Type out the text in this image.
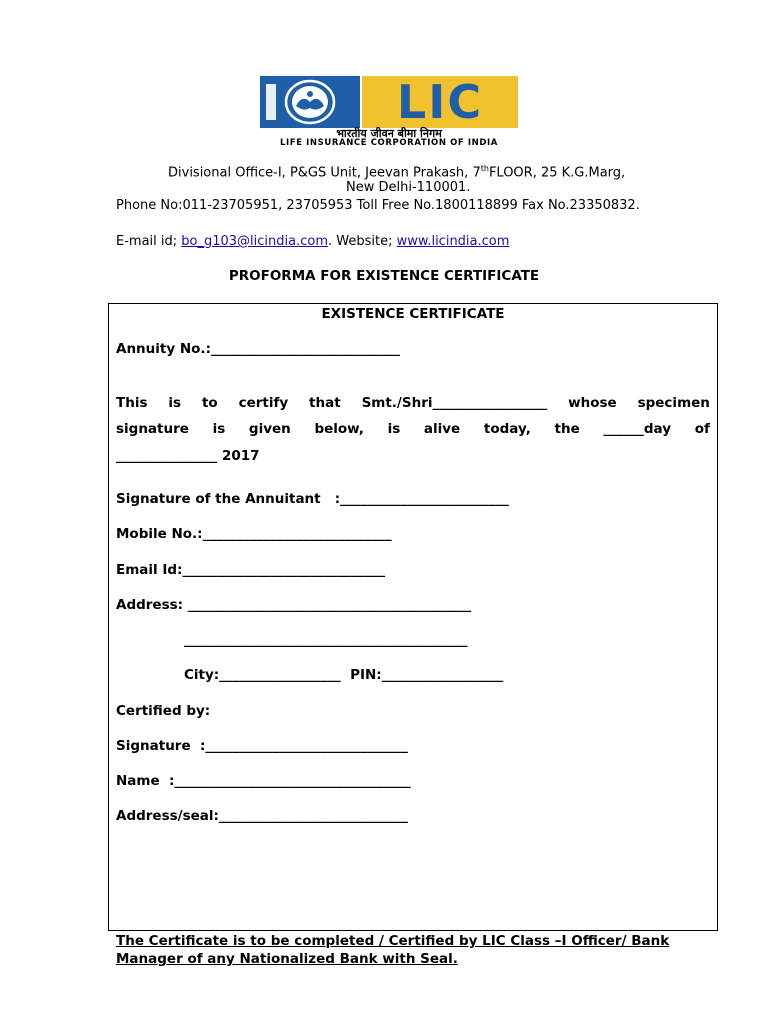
LIC
भारतीय जीवन बीमा निगम
LIFE INSURANCE CORPORATION OF INDIA
Divisional Office-I, P&GS Unit, Jeevan Prakash, 7thFLOOR, 25 K.G.Marg,
New Delhi-110001.
Phone No:011-23705951, 23705953 Toll Free No.1800118899 Fax No.23350832.
E-mail id; bo_g103@licindia.com. Website; www.licindia.com
PROFORMA FOR EXISTENCE CERTIFICATE
EXISTENCE CERTIFICATE
Annuity No.:____________________________
This is to certify that Smt./Shri_________________ whose specimen
signature is given below, is alive today, the ______day of
_______________ 2017
Signature of the Annuitant   :_________________________
Mobile No.:____________________________
Email Id:______________________________
Address: __________________________________________
__________________________________________
City:__________________  PIN:__________________
Certified by:
Signature  :______________________________
Name  :___________________________________
Address/seal:____________________________
The Certificate is to be completed / Certified by LIC Class –I Officer/ Bank Manager of any Nationalized Bank with Seal.
